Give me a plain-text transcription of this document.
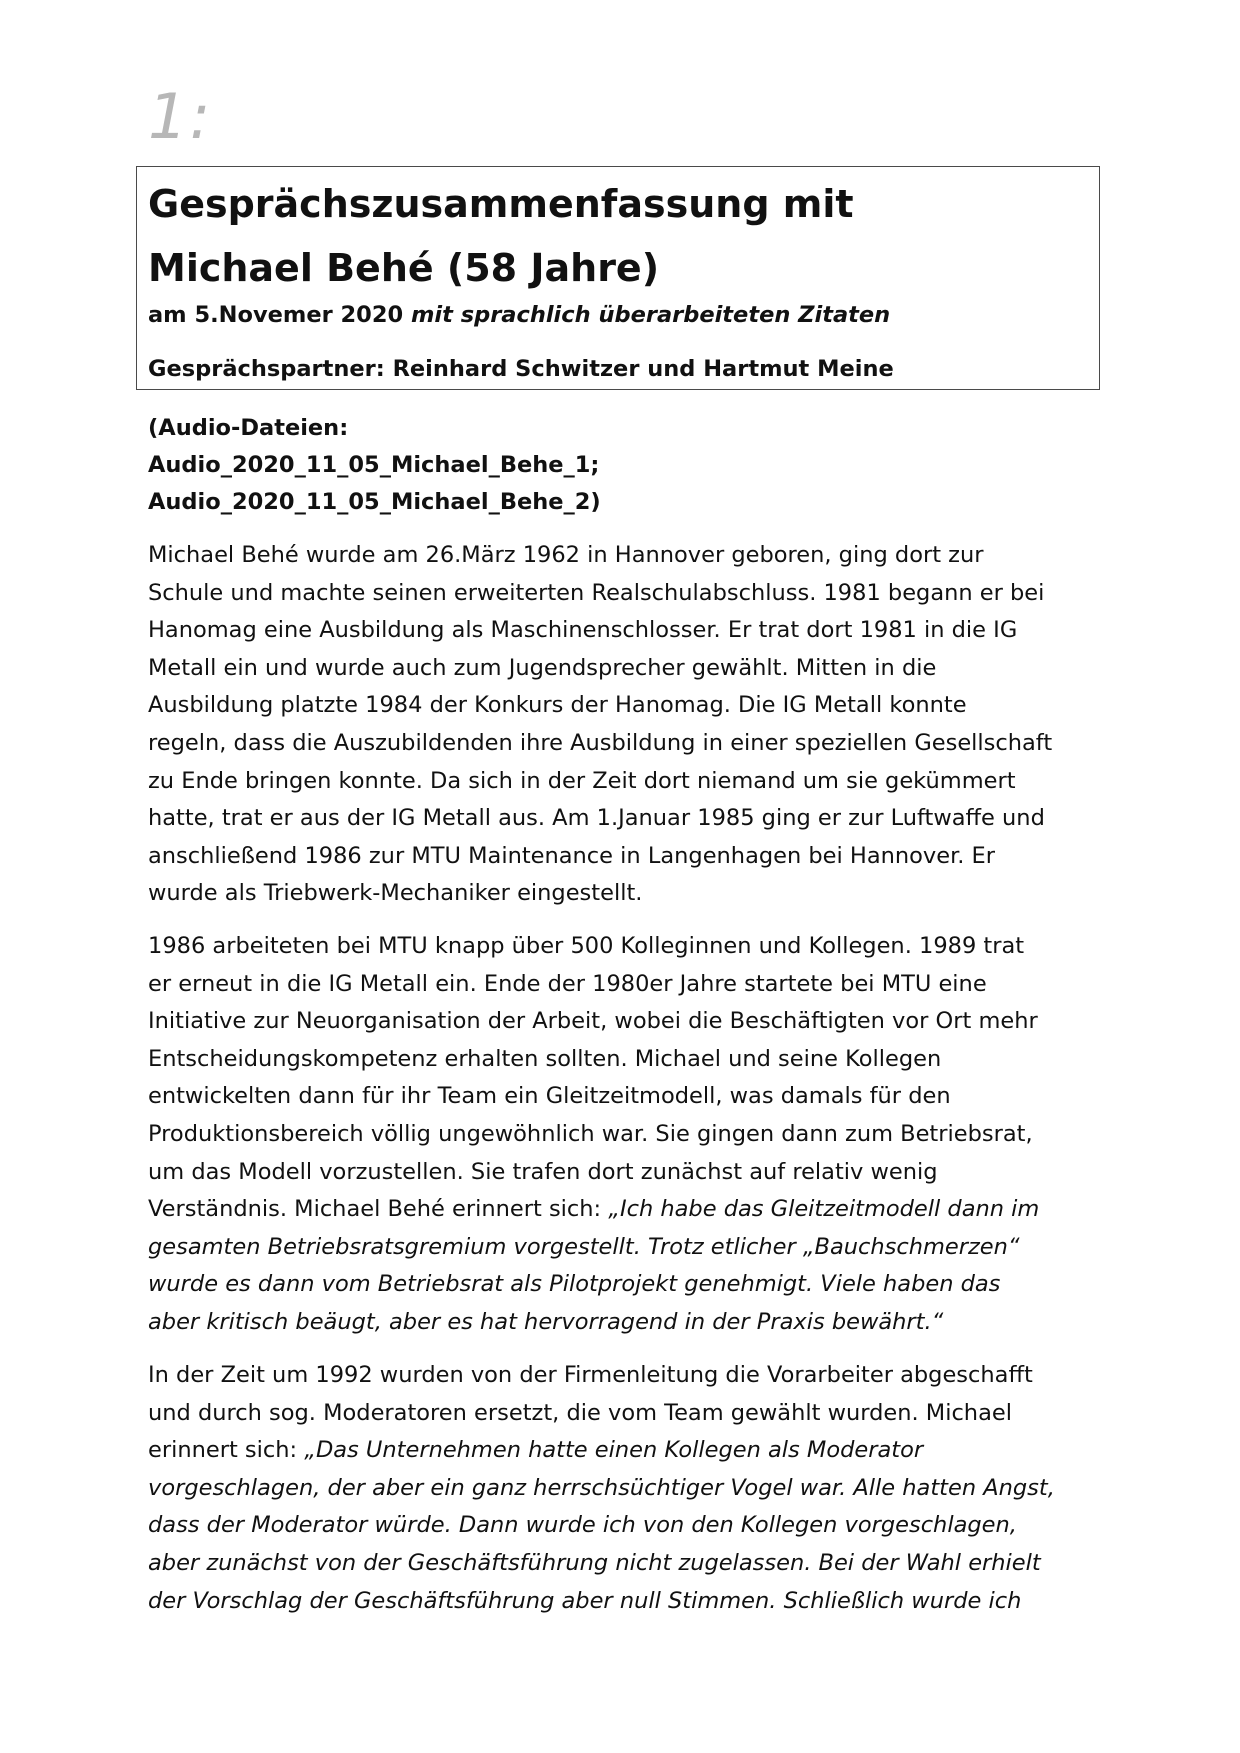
1:
Gesprächszusammenfassung mit
Michael Behé (58 Jahre)
am 5.Novemer 2020 mit sprachlich überarbeiteten Zitaten
Gesprächspartner: Reinhard Schwitzer und Hartmut Meine
(Audio-Dateien:
Audio_2020_11_05_Michael_Behe_1;
Audio_2020_11_05_Michael_Behe_2)

Michael Behé wurde am 26.März 1962 in Hannover geboren, ging dort zur
Schule und machte seinen erweiterten Realschulabschluss. 1981 begann er bei
Hanomag eine Ausbildung als Maschinenschlosser. Er trat dort 1981 in die IG
Metall ein und wurde auch zum Jugendsprecher gewählt. Mitten in die
Ausbildung platzte 1984 der Konkurs der Hanomag. Die IG Metall konnte
regeln, dass die Auszubildenden ihre Ausbildung in einer speziellen Gesellschaft
zu Ende bringen konnte. Da sich in der Zeit dort niemand um sie gekümmert
hatte, trat er aus der IG Metall aus. Am 1.Januar 1985 ging er zur Luftwaffe und
anschließend 1986 zur MTU Maintenance in Langenhagen bei Hannover. Er
wurde als Triebwerk-Mechaniker eingestellt.

1986 arbeiteten bei MTU knapp über 500 Kolleginnen und Kollegen. 1989 trat
er erneut in die IG Metall ein. Ende der 1980er Jahre startete bei MTU eine
Initiative zur Neuorganisation der Arbeit, wobei die Beschäftigten vor Ort mehr
Entscheidungskompetenz erhalten sollten. Michael und seine Kollegen
entwickelten dann für ihr Team ein Gleitzeitmodell, was damals für den
Produktionsbereich völlig ungewöhnlich war. Sie gingen dann zum Betriebsrat,
um das Modell vorzustellen. Sie trafen dort zunächst auf relativ wenig
Verständnis. Michael Behé erinnert sich: „Ich habe das Gleitzeitmodell dann im
gesamten Betriebsratsgremium vorgestellt. Trotz etlicher „Bauchschmerzen“
wurde es dann vom Betriebsrat als Pilotprojekt genehmigt. Viele haben das
aber kritisch beäugt, aber es hat hervorragend in der Praxis bewährt.“

In der Zeit um 1992 wurden von der Firmenleitung die Vorarbeiter abgeschafft
und durch sog. Moderatoren ersetzt, die vom Team gewählt wurden. Michael
erinnert sich: „Das Unternehmen hatte einen Kollegen als Moderator
vorgeschlagen, der aber ein ganz herrschsüchtiger Vogel war. Alle hatten Angst,
dass der Moderator würde. Dann wurde ich von den Kollegen vorgeschlagen,
aber zunächst von der Geschäftsführung nicht zugelassen. Bei der Wahl erhielt
der Vorschlag der Geschäftsführung aber null Stimmen. Schließlich wurde ich
